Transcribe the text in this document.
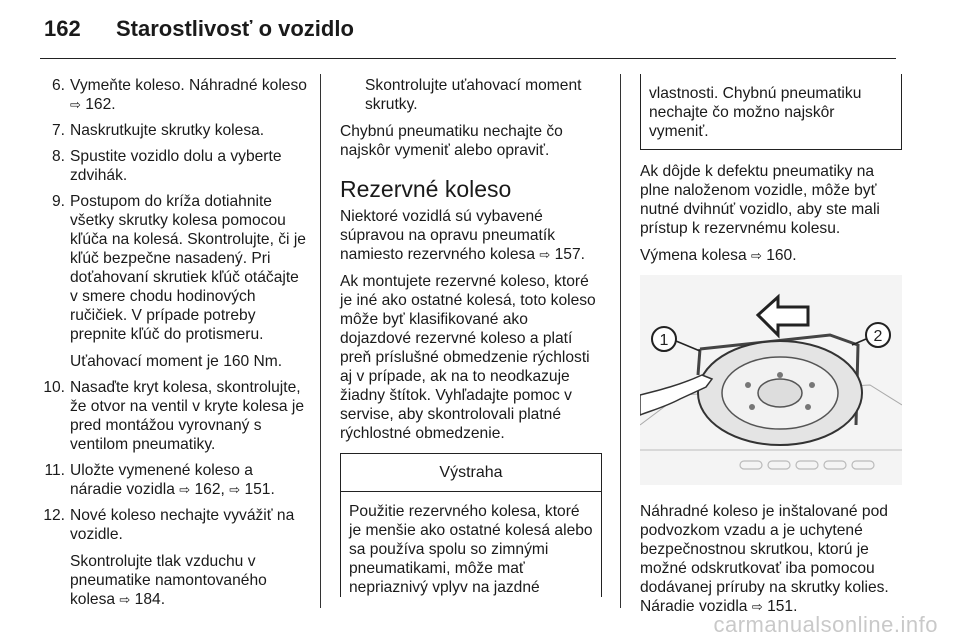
162 Starostlivosť o vozidlo
6. Vymeňte koleso. Náhradné koleso ⇨ 162.
7. Naskrutkujte skrutky kolesa.
8. Spustite vozidlo dolu a vyberte zdvihák.
9. Postupom do kríža dotiahnite všetky skrutky kolesa pomocou kľúča na kolesá. Skontrolujte, či je kľúč bezpečne nasadený. Pri doťahovaní skrutiek kľúč otáčajte v smere chodu hodinových ručičiek. V prípade potreby prepnite kľúč do protismeru.
Uťahovací moment je 160 Nm.
10. Nasaďte kryt kolesa, skontrolujte, že otvor na ventil v kryte kolesa je pred montážou vyrovnaný s ventilom pneumatiky.
11. Uložte vymenené koleso a náradie vozidla ⇨ 162, ⇨ 151.
12. Nové koleso nechajte vyvážiť na vozidle.
Skontrolujte tlak vzduchu v pneumatike namontovaného kolesa ⇨ 184.

Skontrolujte uťahovací moment skrutky.

Chybnú pneumatiku nechajte čo najskôr vymeniť alebo opraviť.

Rezervné koleso

Niektoré vozidlá sú vybavené súpravou na opravu pneumatík namiesto rezervného kolesa ⇨ 157.

Ak montujete rezervné koleso, ktoré je iné ako ostatné kolesá, toto koleso môže byť klasifikované ako dojazdové rezervné koleso a platí preň príslušné obmedzenie rýchlosti aj v prípade, ak na to neodkazuje žiadny štítok. Vyhľadajte pomoc v servise, aby skontrolovali platné rýchlostné obmedzenie.

Výstraha
Použitie rezervného kolesa, ktoré je menšie ako ostatné kolesá alebo sa používa spolu so zimnými pneumatikami, môže mať nepriaznivý vplyv na jazdné
vlastnosti. Chybnú pneumatiku nechajte čo možno najskôr vymeniť.

Ak dôjde k defektu pneumatiky na plne naloženom vozidle, môže byť nutné dvihnúť vozidlo, aby ste mali prístup k rezervnému kolesu.

Výmena kolesa ⇨ 160.

1	2

Náhradné koleso je inštalované pod podvozkom vzadu a je uchytené bezpečnostnou skrutkou, ktorú je možné odskrutkovať iba pomocou dodávanej príruby na skrutky kolies. Náradie vozidla ⇨ 151.

carmanualsonline.info
